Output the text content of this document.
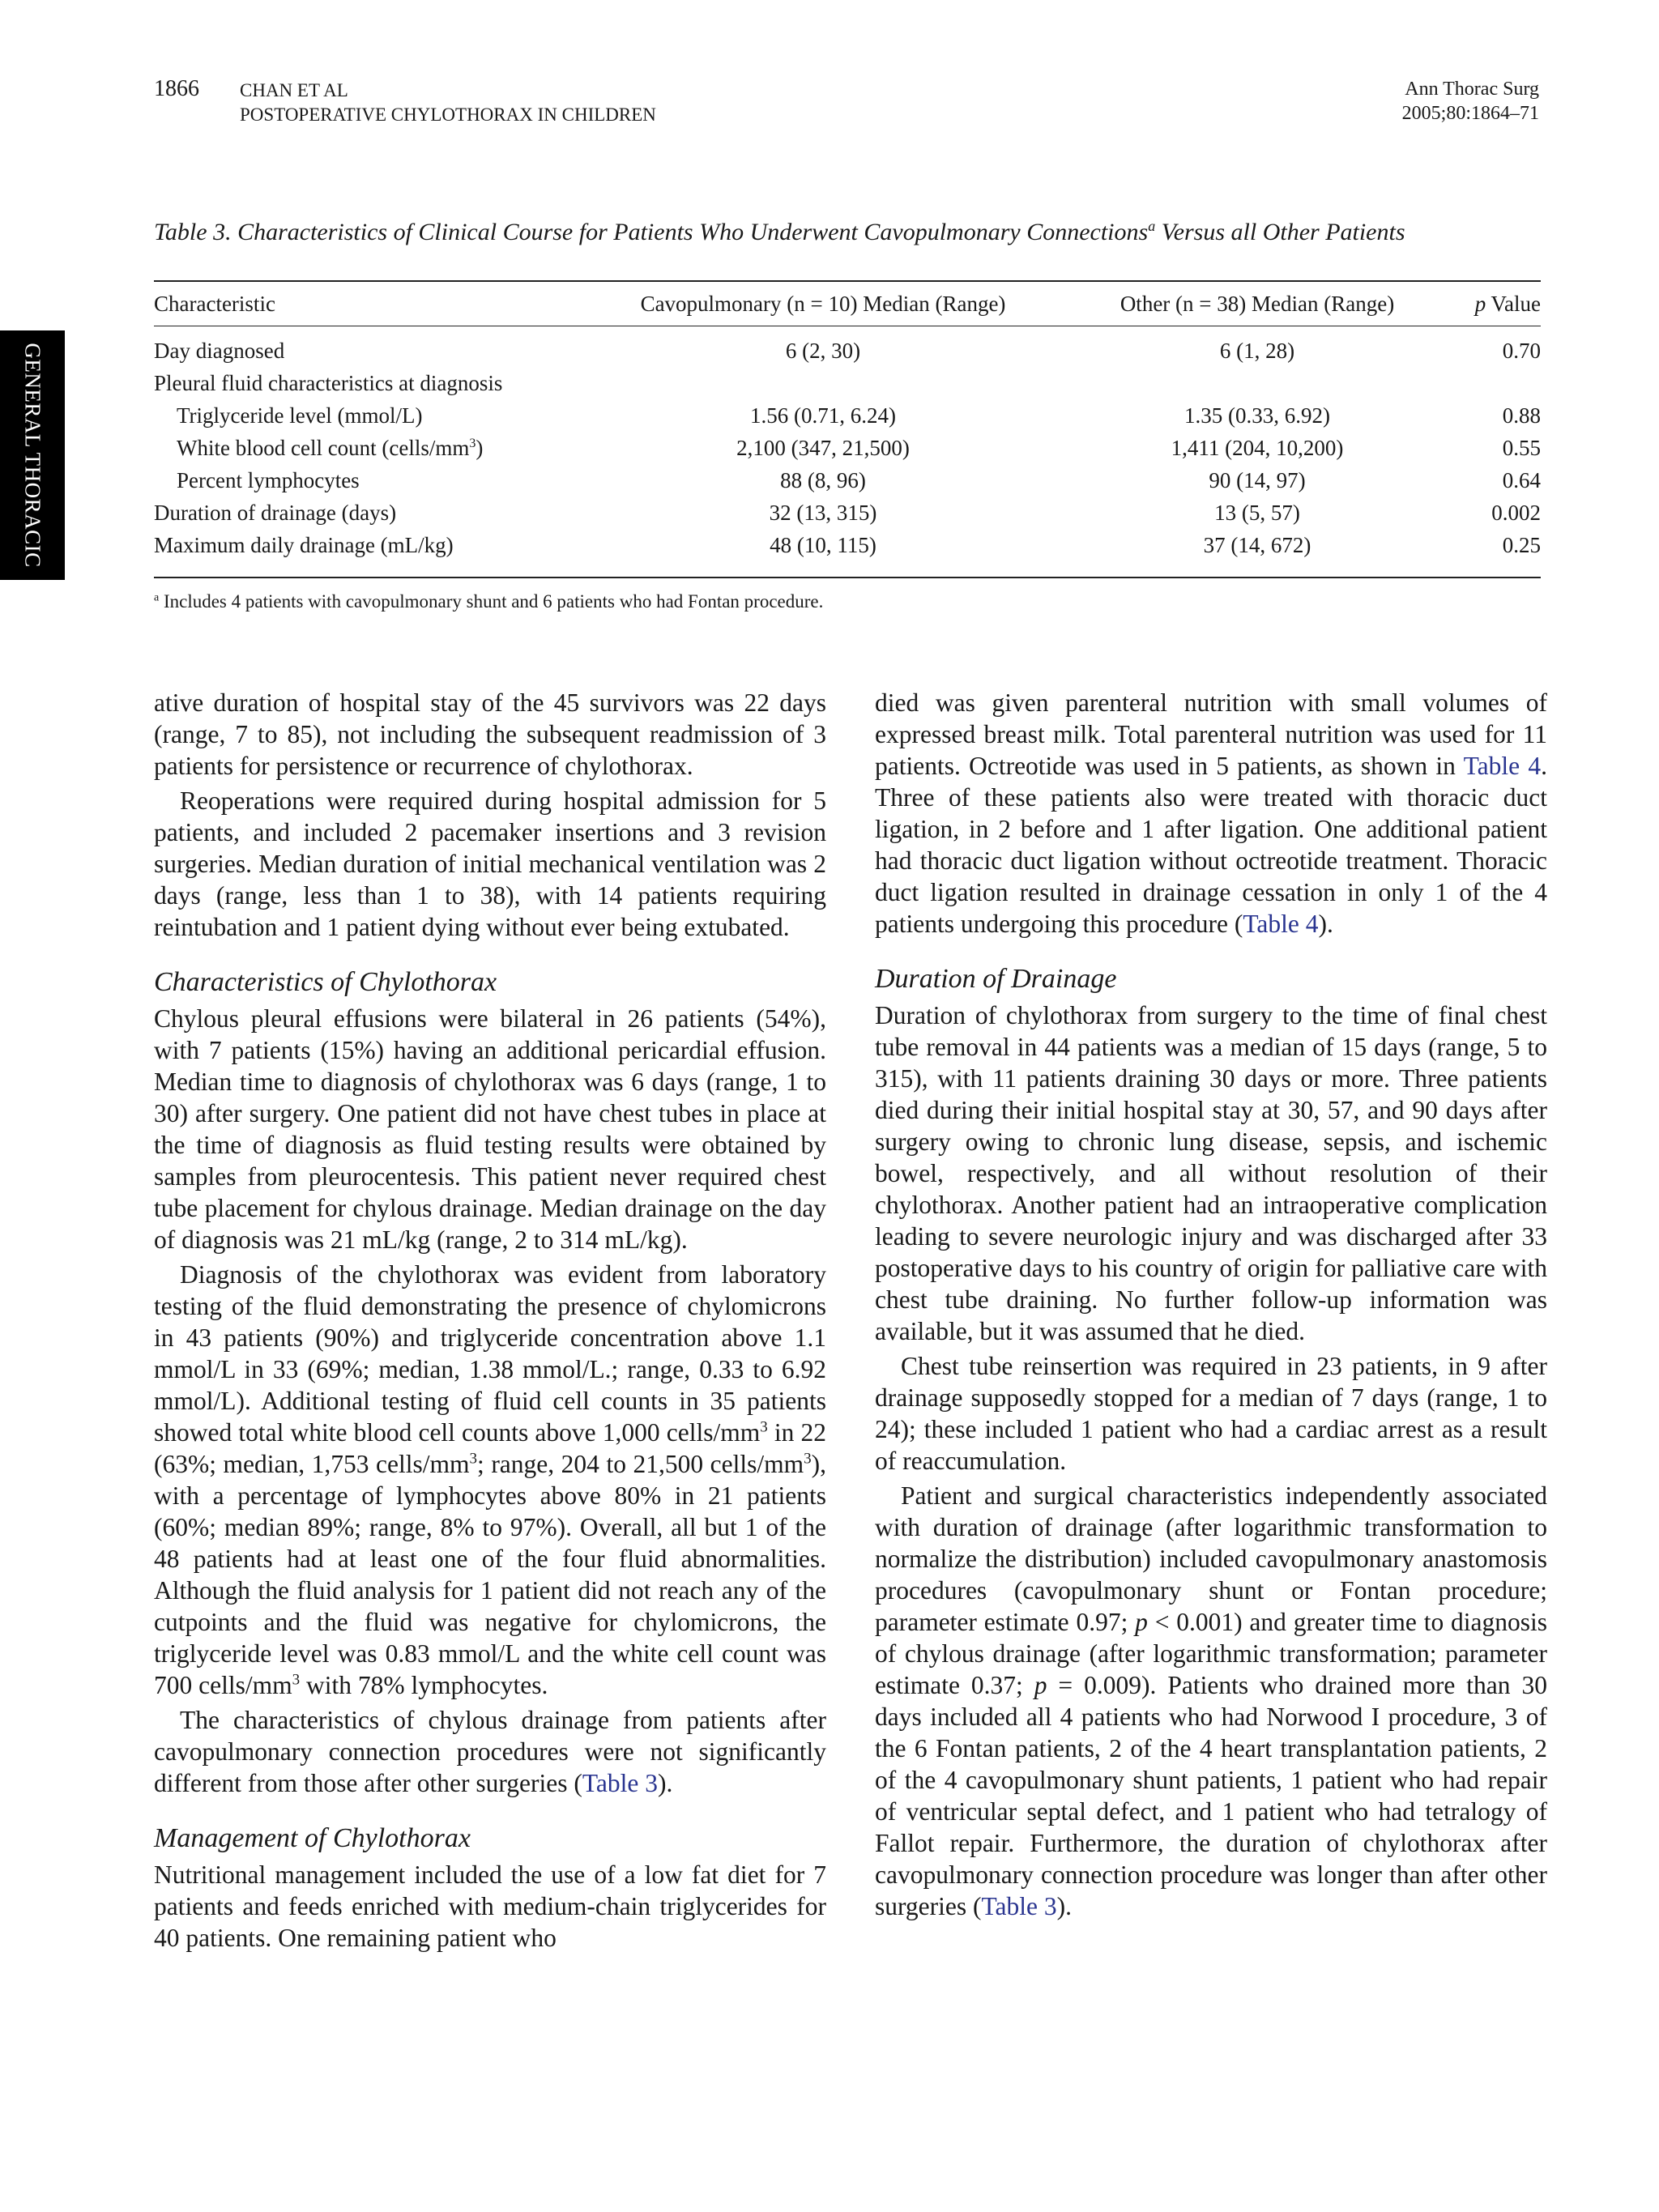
1866 CHAN ET AL
POSTOPERATIVE CHYLOTHORAX IN CHILDREN
Ann Thorac Surg
2005;80:1864–71
GENERAL THORACIC
Table 3. Characteristics of Clinical Course for Patients Who Underwent Cavopulmonary Connections$^a$ Versus all Other Patients
Characteristic	Cavopulmonary (n = 10) Median (Range)	Other (n = 38) Median (Range)	p Value
Day diagnosed	6 (2, 30)	6 (1, 28)	0.70
Pleural fluid characteristics at diagnosis
Triglyceride level (mmol/L)	1.56 (0.71, 6.24)	1.35 (0.33, 6.92)	0.88
White blood cell count $(cells/mm^3)$	2,100 (347, 21,500)	1,411 (204, 10,200)	0.55
Percent lymphocytes	88 (8, 96)	90 (14, 97)	0.64
Duration of drainage (days)	32 (13, 315)	13 (5, 57)	0.002
Maximum daily drainage (mL/kg)	48 (10, 115)	37 (14, 672)	0.25
$^a$ Includes 4 patients with cavopulmonary shunt and 6 patients who had Fontan procedure.

ative duration of hospital stay of the 45 survivors was 22 days (range, 7 to 85), not including the subsequent readmission of 3 patients for persistence or recurrence of chylothorax.

Reoperations were required during hospital admission for 5 patients, and included 2 pacemaker insertions and 3 revision surgeries. Median duration of initial mechanical ventilation was 2 days (range, less than 1 to 38), with 14 patients requiring reintubation and 1 patient dying without ever being extubated.

Characteristics of Chylothorax

Chylous pleural effusions were bilateral in 26 patients (54%), with 7 patients (15%) having an additional pericardial effusion. Median time to diagnosis of chylothorax was 6 days (range, 1 to 30) after surgery. One patient did not have chest tubes in place at the time of diagnosis as fluid testing results were obtained by samples from pleurocentesis. This patient never required chest tube placement for chylous drainage. Median drainage on the day of diagnosis was 21 mL/kg (range, 2 to 314 mL/kg).

Diagnosis of the chylothorax was evident from laboratory testing of the fluid demonstrating the presence of chylomicrons in 43 patients (90%) and triglyceride concentration above 1.1 mmol/L in 33 (69%; median, 1.38 mmol/L.; range, 0.33 to 6.92 mmol/L). Additional testing of fluid cell counts in 35 patients showed total white blood cell counts above 1,000 cells/$mm^3$ in 22 (63%; median, 1,753 cells/$mm^3$; range, 204 to 21,500 cells/$mm^3$), with a percentage of lymphocytes above 80% in 21 patients (60%; median 89%; range, 8% to 97%). Overall, all but 1 of the 48 patients had at least one of the four fluid abnormalities. Although the fluid analysis for 1 patient did not reach any of the cutpoints and the fluid was negative for chylomicrons, the triglyceride level was 0.83 mmol/L and the white cell count was 700 cells/$mm^3$ with 78% lymphocytes.

The characteristics of chylous drainage from patients after cavopulmonary connection procedures were not significantly different from those after other surgeries (Table 3).

Management of Chylothorax

Nutritional management included the use of a low fat diet for 7 patients and feeds enriched with medium-chain triglycerides for 40 patients. One remaining patient who

died was given parenteral nutrition with small volumes of expressed breast milk. Total parenteral nutrition was used for 11 patients. Octreotide was used in 5 patients, as shown in Table 4. Three of these patients also were treated with thoracic duct ligation, in 2 before and 1 after ligation. One additional patient had thoracic duct ligation without octreotide treatment. Thoracic duct ligation resulted in drainage cessation in only 1 of the 4 patients undergoing this procedure (Table 4).

Duration of Drainage

Duration of chylothorax from surgery to the time of final chest tube removal in 44 patients was a median of 15 days (range, 5 to 315), with 11 patients draining 30 days or more. Three patients died during their initial hospital stay at 30, 57, and 90 days after surgery owing to chronic lung disease, sepsis, and ischemic bowel, respectively, and all without resolution of their chylothorax. Another patient had an intraoperative complication leading to severe neurologic injury and was discharged after 33 postoperative days to his country of origin for palliative care with chest tube draining. No further follow-up information was available, but it was assumed that he died.

Chest tube reinsertion was required in 23 patients, in 9 after drainage supposedly stopped for a median of 7 days (range, 1 to 24); these included 1 patient who had a cardiac arrest as a result of reaccumulation.

Patient and surgical characteristics independently associated with duration of drainage (after logarithmic transformation to normalize the distribution) included cavopulmonary anastomosis procedures (cavopulmonary shunt or Fontan procedure; parameter estimate 0.97; p < 0.001) and greater time to diagnosis of chylous drainage (after logarithmic transformation; parameter estimate 0.37; p = 0.009). Patients who drained more than 30 days included all 4 patients who had Norwood I procedure, 3 of the 6 Fontan patients, 2 of the 4 heart transplantation patients, 2 of the 4 cavopulmonary shunt patients, 1 patient who had repair of ventricular septal defect, and 1 patient who had tetralogy of Fallot repair. Furthermore, the duration of chylothorax after cavopulmonary connection procedure was longer than after other surgeries (Table 3).
